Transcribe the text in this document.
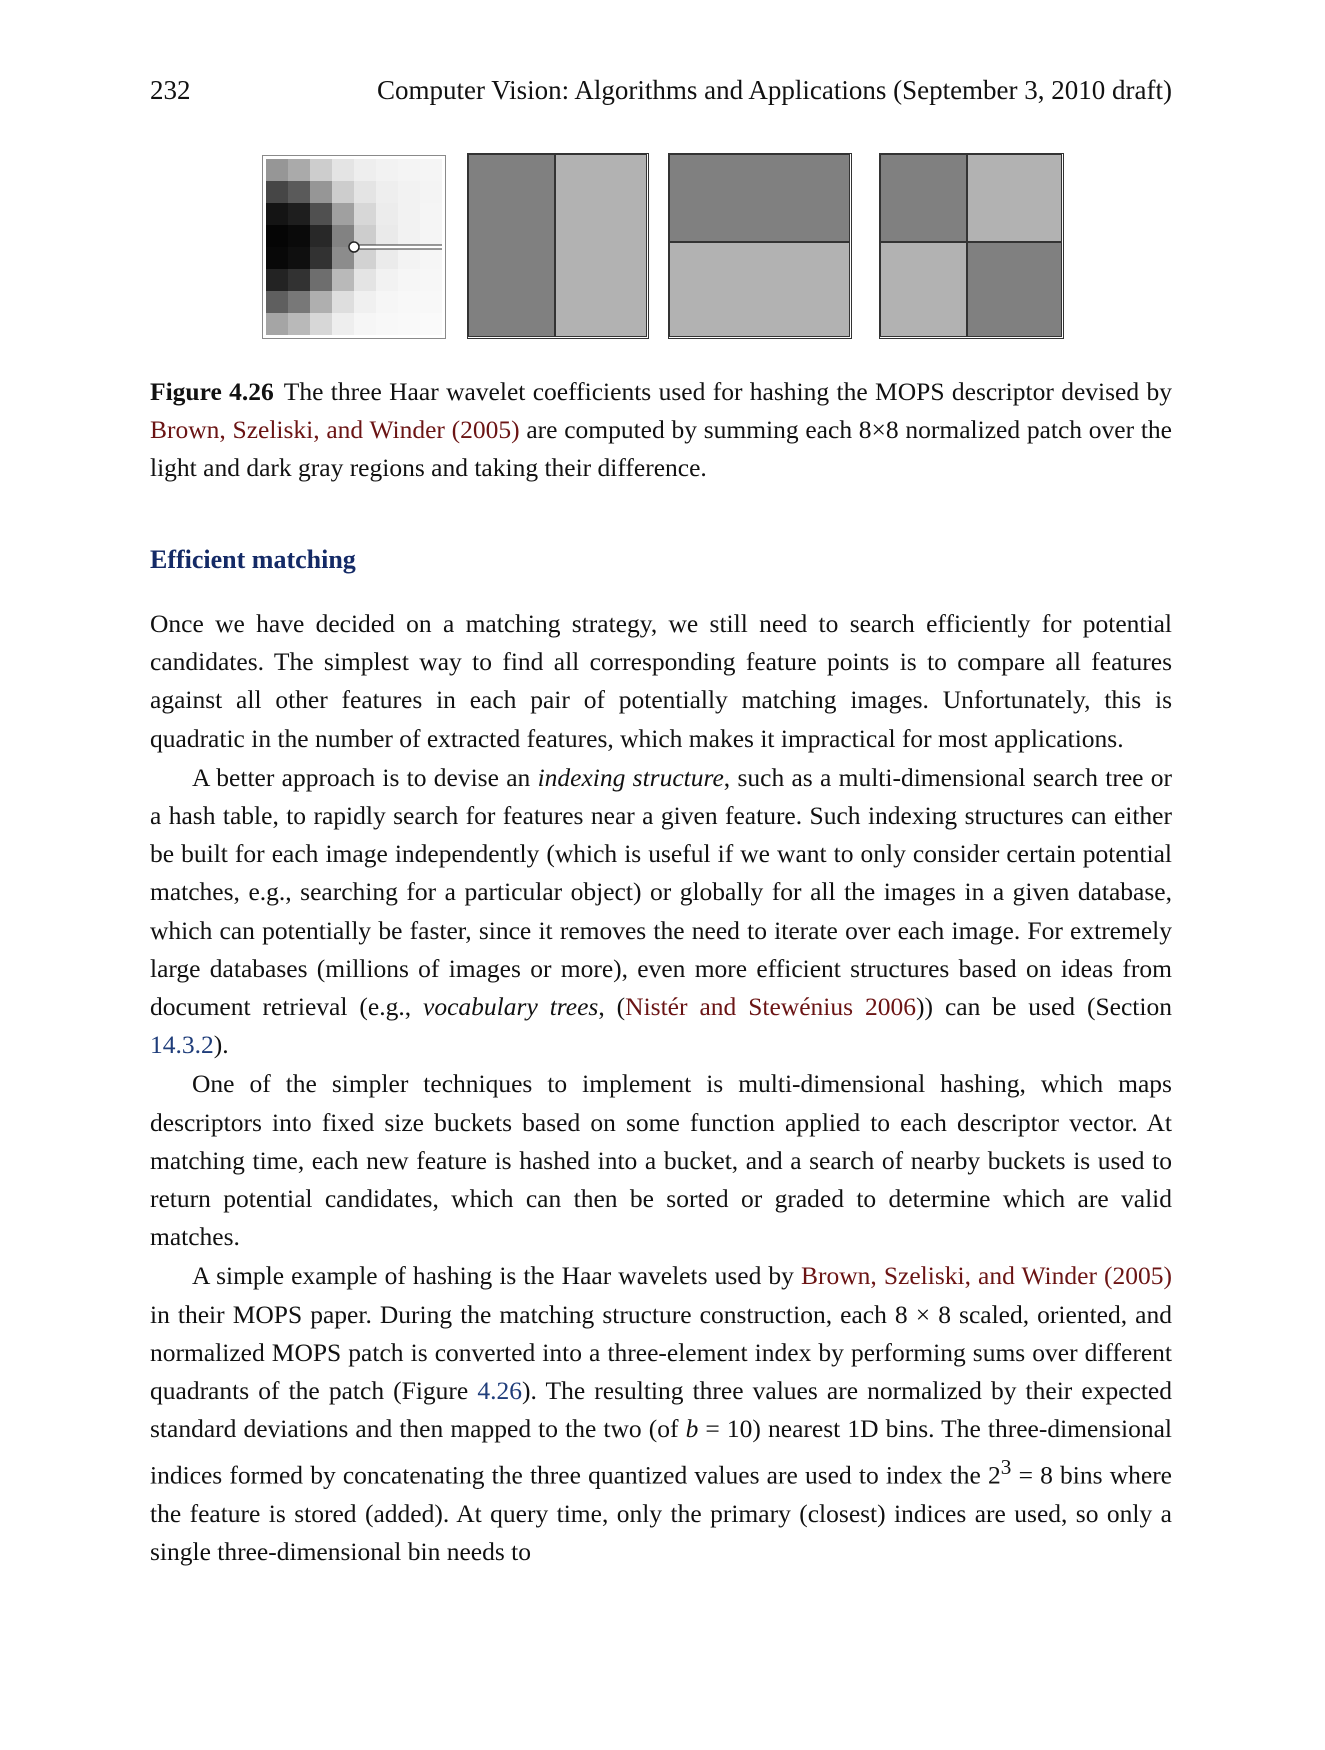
232	Computer Vision: Algorithms and Applications (September 3, 2010 draft)
Figure 4.26 The three Haar wavelet coefficients used for hashing the MOPS descriptor devised by Brown, Szeliski, and Winder (2005) are computed by summing each 8×8 normalized patch over the light and dark gray regions and taking their difference.
Efficient matching

Once we have decided on a matching strategy, we still need to search efficiently for potential candidates. The simplest way to find all corresponding feature points is to compare all features against all other features in each pair of potentially matching images. Unfortunately, this is quadratic in the number of extracted features, which makes it impractical for most applications.

A better approach is to devise an indexing structure, such as a multi-dimensional search tree or a hash table, to rapidly search for features near a given feature. Such indexing structures can either be built for each image independently (which is useful if we want to only consider certain potential matches, e.g., searching for a particular object) or globally for all the images in a given database, which can potentially be faster, since it removes the need to iterate over each image. For extremely large databases (millions of images or more), even more efficient structures based on ideas from document retrieval (e.g., vocabulary trees, (Nistér and Stewénius 2006)) can be used (Section 14.3.2).

One of the simpler techniques to implement is multi-dimensional hashing, which maps descriptors into fixed size buckets based on some function applied to each descriptor vector. At matching time, each new feature is hashed into a bucket, and a search of nearby buckets is used to return potential candidates, which can then be sorted or graded to determine which are valid matches.

A simple example of hashing is the Haar wavelets used by Brown, Szeliski, and Winder (2005) in their MOPS paper. During the matching structure construction, each 8 × 8 scaled, oriented, and normalized MOPS patch is converted into a three-element index by performing sums over different quadrants of the patch (Figure 4.26). The resulting three values are normalized by their expected standard deviations and then mapped to the two (of b = 10) nearest 1D bins. The three-dimensional indices formed by concatenating the three quantized values are used to index the $2^3 = 8$ bins where the feature is stored (added). At query time, only the primary (closest) indices are used, so only a single three-dimensional bin needs to
